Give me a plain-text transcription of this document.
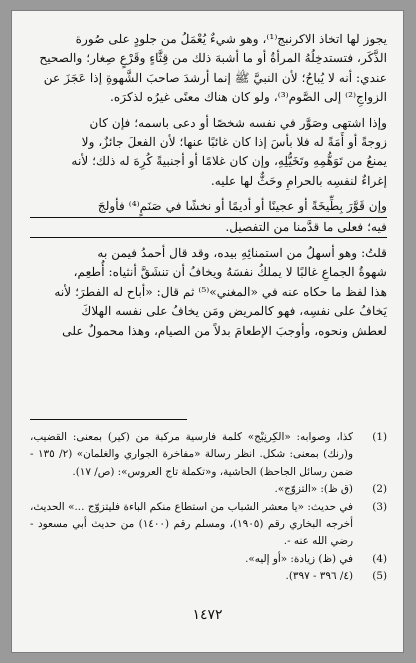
يجوز لها اتخاذ الاكرنبج⁽¹⁾، وهو شيءٌ يُعْمَلُ من جلودٍ على صُورة

الذَّكَر، فتستدخِلُهُ المرأةُ أو ما أشبهَ ذلك من قِثَّاءٍ وقَرْعٍ صِغار؛ والصحيح

عندي: أنه لا يُباحُ؛ لأن النبيَّ ﷺ إنما أرشدَ صاحبَ الشَّهوةِ إذا عَجَزَ عن

الزواجِ⁽²⁾ إلى الصَّوم⁽³⁾، ولو كان هناك معنًى غيرُه لذكرَه.

وإذا اشتهى وصَوَّر في نفسه شخصًا أو دعى باسمه؛ فإن كان

زوجةً أو أَمَةً له فلا بأسَ إذا كان غائبًا عنها؛ لأن الفعلَ جائزٌ، ولا

يمنعُ من تَوَهُّمِهِ وتَخَيُّلِهِ، وإن كان غلامًا أو أجنبيةً كُرِهَ له ذلك؛ لأنه

إغراءٌ لنفسِه بالحرامِ وحَثٌّ لها عليه.

وإن قَوَّرَ بِطِّيخَةً أو عجينًا أو أديمًا أو نخشًا في صَنَمٍ⁽⁴⁾ فأولجَ

فيه؛ فعلى ما قدَّمنا من التفصيل.

قلتُ: وهو أسهلُ من استمنائِهِ بيده، وقد قال أحمدُ فيمن به

شهوةُ الجماعِ غالبًا لا يملكُ نفسَهُ ويخافُ أن تنشَقَّ أنثياه: أُطعِم،

هذا لفظ ما حكاه عنه في «المغني»⁽⁵⁾ ثم قال: «أباح له الفطرَ؛ لأنه

يَخافُ على نفسِه، فهو كالمريض ومَن يخافُ على نفسه الهلاكَ

لعطش ونحوه، وأوجبَ الإطعامَ بدلاً من الصيام، وهذا محمولٌ على

(1)
كذا، وصوابه: «الكِرنِبْج» كلمة فارسية مركبة من (كير) بمعنى: القضيب، و(رنك) بمعنى: شكل. انظر رسالة «مفاخرة الجواري والغلمان» (٢/ ١٣٥ - ضمن رسائل الجاحظ) الحاشية، و«تكملة تاج العروس»: (ص/ ١٧).
(2)
(ق ظ): «التزوّج».
(3)
في حديث: «يا معشر الشباب من استطاع منكم الباءة فليتزوّج ...» الحديث، أخرجه البخاري رقم (١٩٠٥)، ومسلم رقم (١٤٠٠) من حديث أبي مسعود - رضي الله عنه -.
(4)
في (ظ) زيادة: «أو إليه».
(5)
(٤/ ٣٩٦ - ٣٩٧).
١٤٧٢
